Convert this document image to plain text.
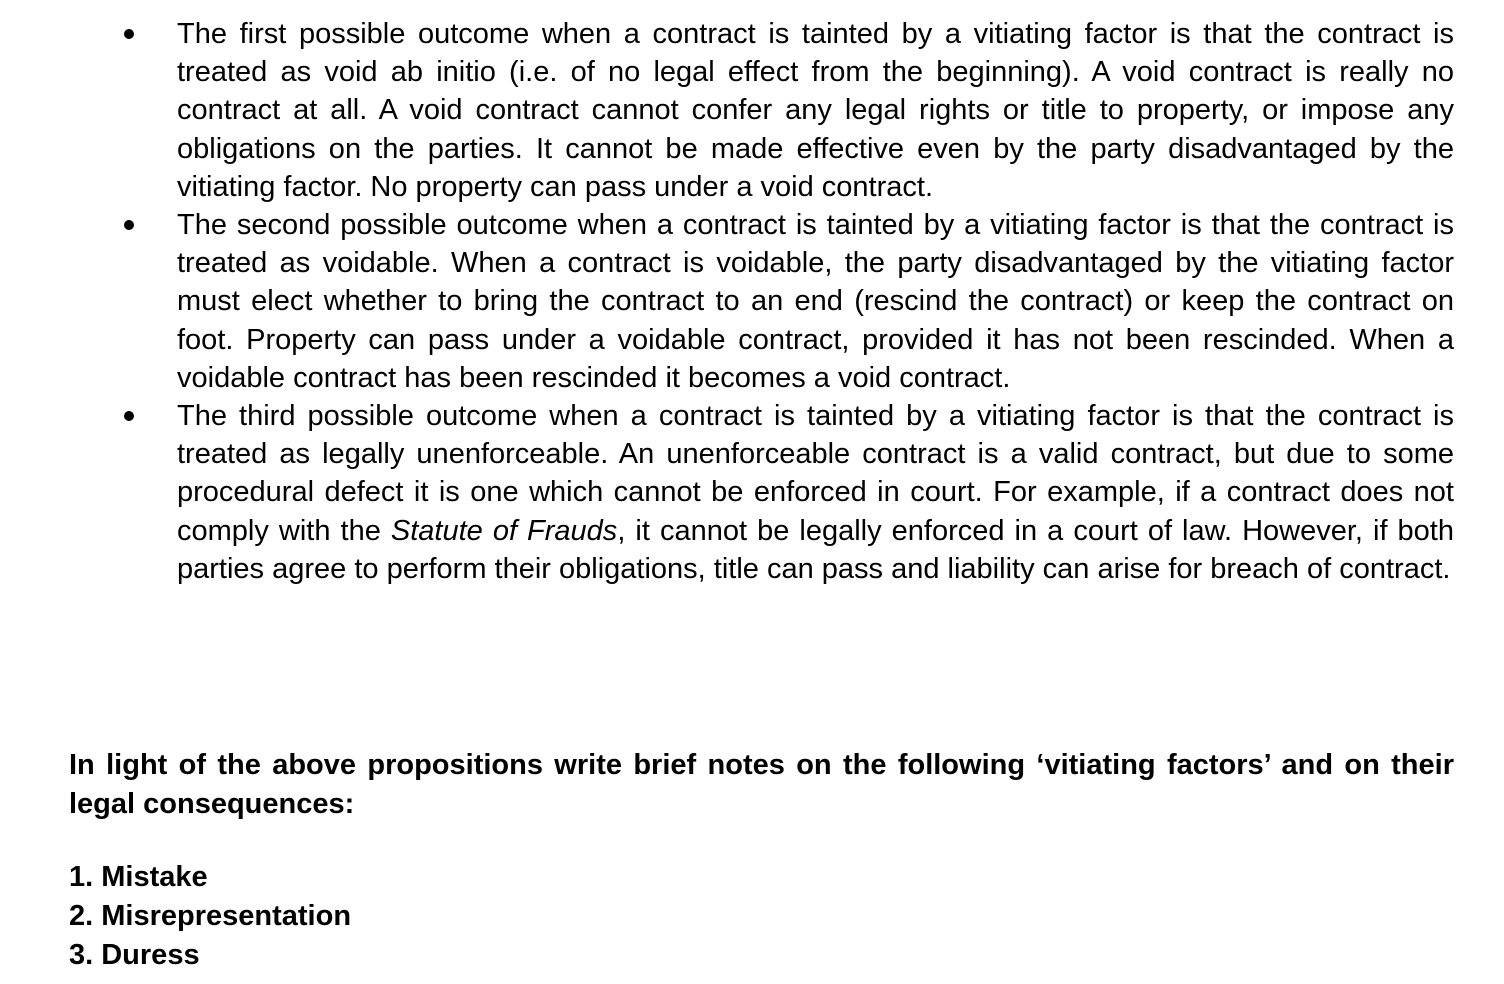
The first possible outcome when a contract is tainted by a vitiating factor is that the contract is treated as void ab initio (i.e. of no legal effect from the beginning). A void contract is really no contract at all. A void contract cannot confer any legal rights or title to property, or impose any obligations on the parties. It cannot be made effective even by the party disadvantaged by the vitiating factor. No property can pass under a void contract.
The second possible outcome when a contract is tainted by a vitiating factor is that the contract is treated as voidable. When a contract is voidable, the party disadvantaged by the vitiating factor must elect whether to bring the contract to an end (rescind the contract) or keep the contract on foot. Property can pass under a voidable contract, provided it has not been rescinded. When a voidable contract has been rescinded it becomes a void contract.
The third possible outcome when a contract is tainted by a vitiating factor is that the contract is treated as legally unenforceable. An unenforceable contract is a valid contract, but due to some procedural defect it is one which cannot be enforced in court. For example, if a contract does not comply with the Statute of Frauds, it cannot be legally enforced in a court of law. However, if both parties agree to perform their obligations, title can pass and liability can arise for breach of contract.

In light of the above propositions write brief notes on the following ‘vitiating factors’ and on their legal consequences:

1. Mistake
2. Misrepresentation
3. Duress
